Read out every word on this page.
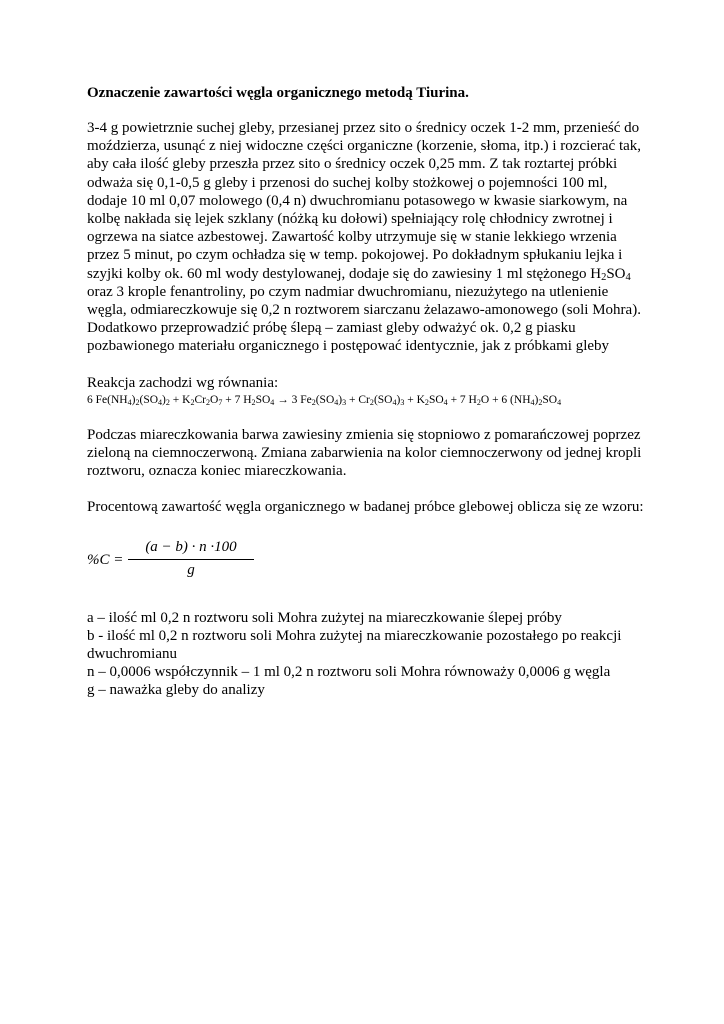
Oznaczenie zawartości węgla organicznego metodą Tiurina.

3-4 g powietrznie suchej gleby, przesianej przez sito o średnicy oczek 1-2 mm, przenieść do moździerza, usunąć z niej widoczne części organiczne (korzenie, słoma, itp.) i rozcierać tak, aby cała ilość gleby przeszła przez sito o średnicy oczek 0,25 mm. Z tak roztartej próbki odważa się 0,1-0,5 g gleby i przenosi do suchej kolby stożkowej o pojemności 100 ml, dodaje 10 ml 0,07 molowego (0,4 n) dwuchromianu potasowego w kwasie siarkowym, na kolbę nakłada się lejek szklany (nóżką ku dołowi) spełniający rolę chłodnicy zwrotnej i ogrzewa na siatce azbestowej. Zawartość kolby utrzymuje się w stanie lekkiego wrzenia przez 5 minut, po czym ochładza się w temp. pokojowej. Po dokładnym spłukaniu lejka i szyjki kolby ok. 60 ml wody destylowanej, dodaje się do zawiesiny 1 ml stężonego $H_2SO_4$ oraz 3 krople fenantroliny, po czym nadmiar dwuchromianu, niezużytego na utlenienie węgla, odmiareczkowuje się 0,2 n roztworem siarczanu żelazawo-amonowego (soli Mohra). Dodatkowo przeprowadzić próbę ślepą – zamiast gleby odważyć ok. 0,2 g piasku pozbawionego materiału organicznego i postępować identycznie, jak z próbkami gleby

Reakcja zachodzi wg równania:
6 $Fe(NH_4)_2(SO_4)_2 + K_2Cr_2O_7 + 7$ $H_2SO_4 \to 3$ $Fe_2(SO_4)_3 + Cr_2(SO_4)_3 + K_2SO_4 + 7$ $H_2O + 6$ $(NH_4)_2SO_4$

Podczas miareczkowania barwa zawiesiny zmienia się stopniowo z pomarańczowej poprzez zieloną na ciemnoczerwoną. Zmiana zabarwienia na kolor ciemnoczerwony od jednej kropli roztworu, oznacza koniec miareczkowania.

Procentową zawartość węgla organicznego w badanej próbce glebowej oblicza się ze wzoru:

%C =
(a − b) · n ·100
g

a – ilość ml 0,2 n roztworu soli Mohra zużytej na miareczkowanie ślepej próby

b - ilość ml 0,2 n roztworu soli Mohra zużytej na miareczkowanie pozostałego po reakcji dwuchromianu

n – 0,0006 współczynnik – 1 ml 0,2 n roztworu soli Mohra równoważy 0,0006 g węgla

g – naważka gleby do analizy
